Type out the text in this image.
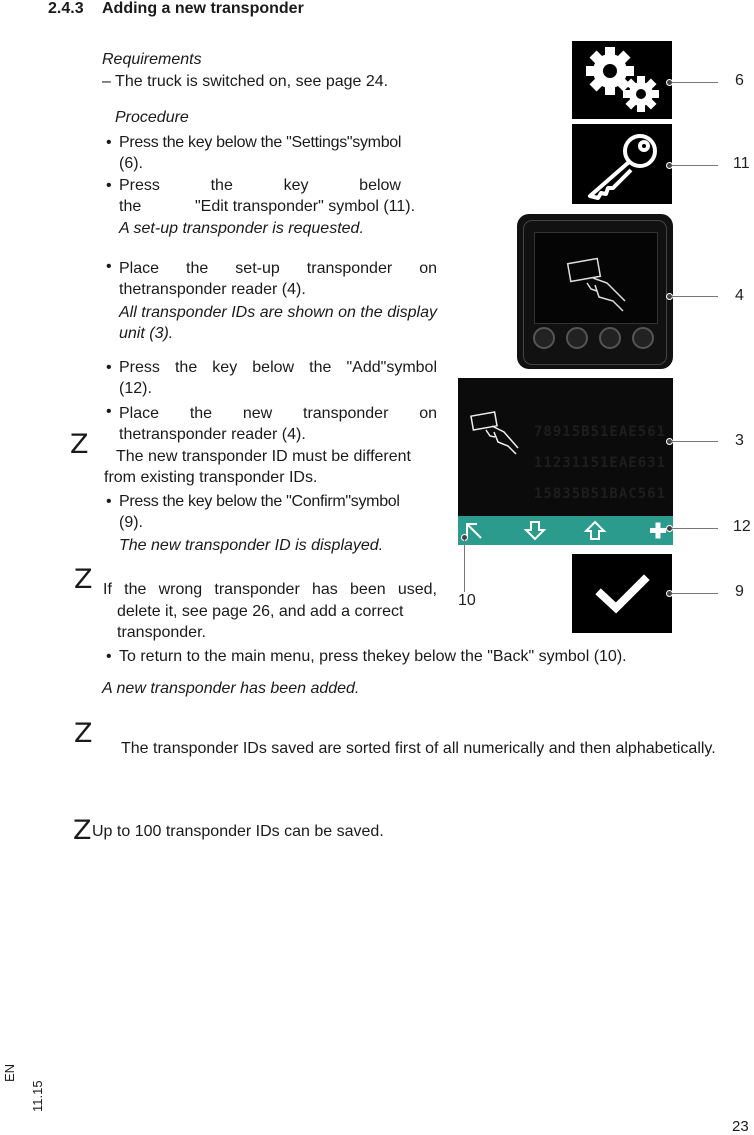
2.4.3 Adding a new transponder
Requirements
– The truck is switched on, see page 24.
Procedure
• Press the key below the "Settings"symbol
(6).
• Press	the	key	below
the	"Edit transponder" symbol (11).
A set-up transponder is requested.
• Place the set-up transponder on thetransponder reader (4).
All transponder IDs are shown on the display unit (3).
• Press the key below the "Add"symbol
(12).
• Place the new transponder on thetransponder reader (4).
Z The new transponder ID must be different
from existing transponder IDs.
• Press the key below the "Confirm"symbol
(9).
The new transponder ID is displayed.
Z If the wrong transponder has been used,
delete it, see page 26, and add a correct
transponder.
• To return to the main menu, press thekey below the "Back" symbol (10).
A new transponder has been added.
Z	The transponder IDs saved are sorted first of all numerically and then alphabetically.
Z Up to 100 transponder IDs can be saved.
6
11
4
78915B51EAE561
11231151EAE631
15835B51BAC561
3
12
10
9
EN
11.15
23
